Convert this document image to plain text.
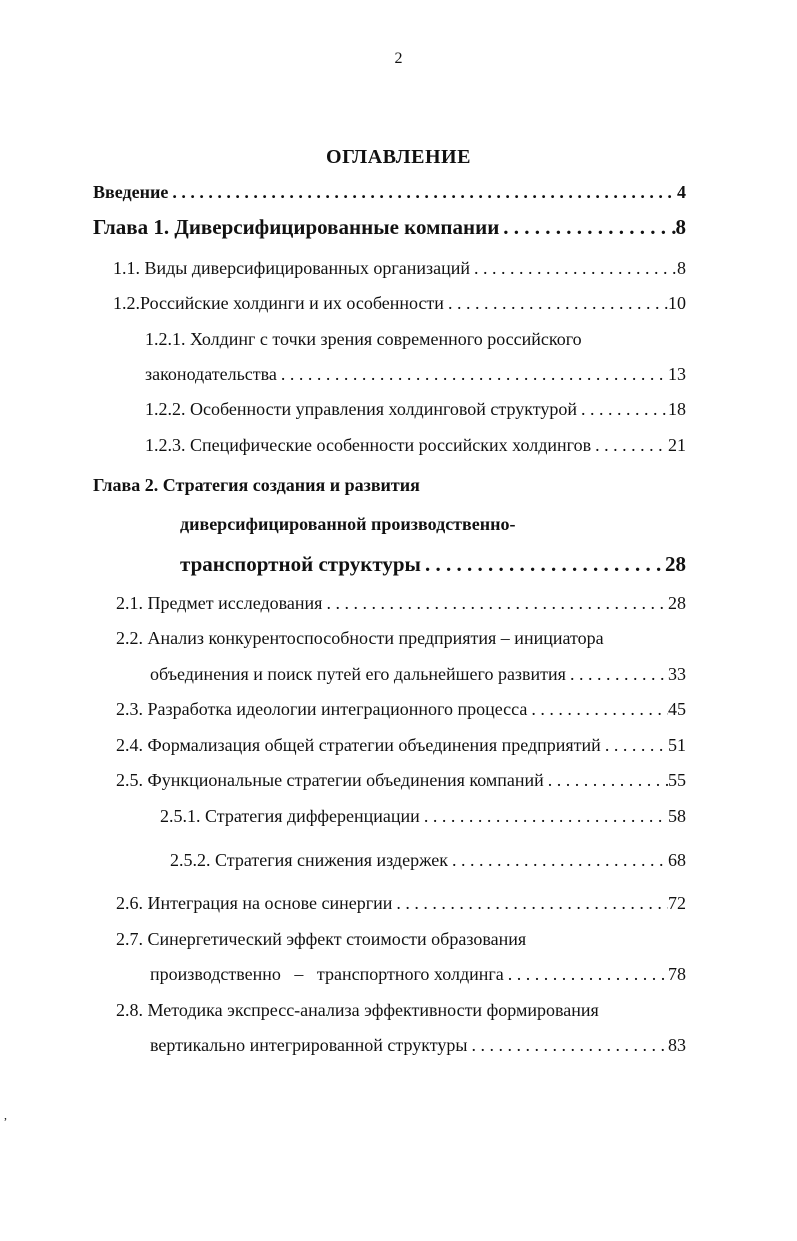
2
ОГЛАВЛЕНИЕ
Введение . . .	4
Глава 1. Диверсифицированные компании . . .	8
1.1. Виды диверсифицированных организаций . . .	8
1.2.Российские холдинги и их особенности . . .	10
1.2.1. Холдинг с точки зрения современного российского
законодательства . . .	13
1.2.2. Особенности управления холдинговой структурой . . .	18
1.2.3. Специфические особенности российских холдингов . . .	21
Глава 2. Стратегия создания и развития
диверсифицированной производственно-
транспортной структуры . . .	28
2.1. Предмет исследования . . .	28
2.2. Анализ конкурентоспособности предприятия – инициатора
объединения и поиск путей его дальнейшего развития . . .	33
2.3. Разработка идеологии интеграционного процесса . . .	45
2.4. Формализация общей стратегии объединения предприятий . . .	51
2.5. Функциональные стратегии объединения компаний . . .	55
2.5.1. Стратегия дифференциации . . .	58
2.5.2. Стратегия снижения издержек . . .	68
2.6. Интеграция на основе синергии . . .	72
2.7. Синергетический эффект стоимости образования
производственно   –   транспортного холдинга . . .	78
2.8. Методика экспресс-анализа эффективности формирования
вертикально интегрированной структуры . . .	83
,
